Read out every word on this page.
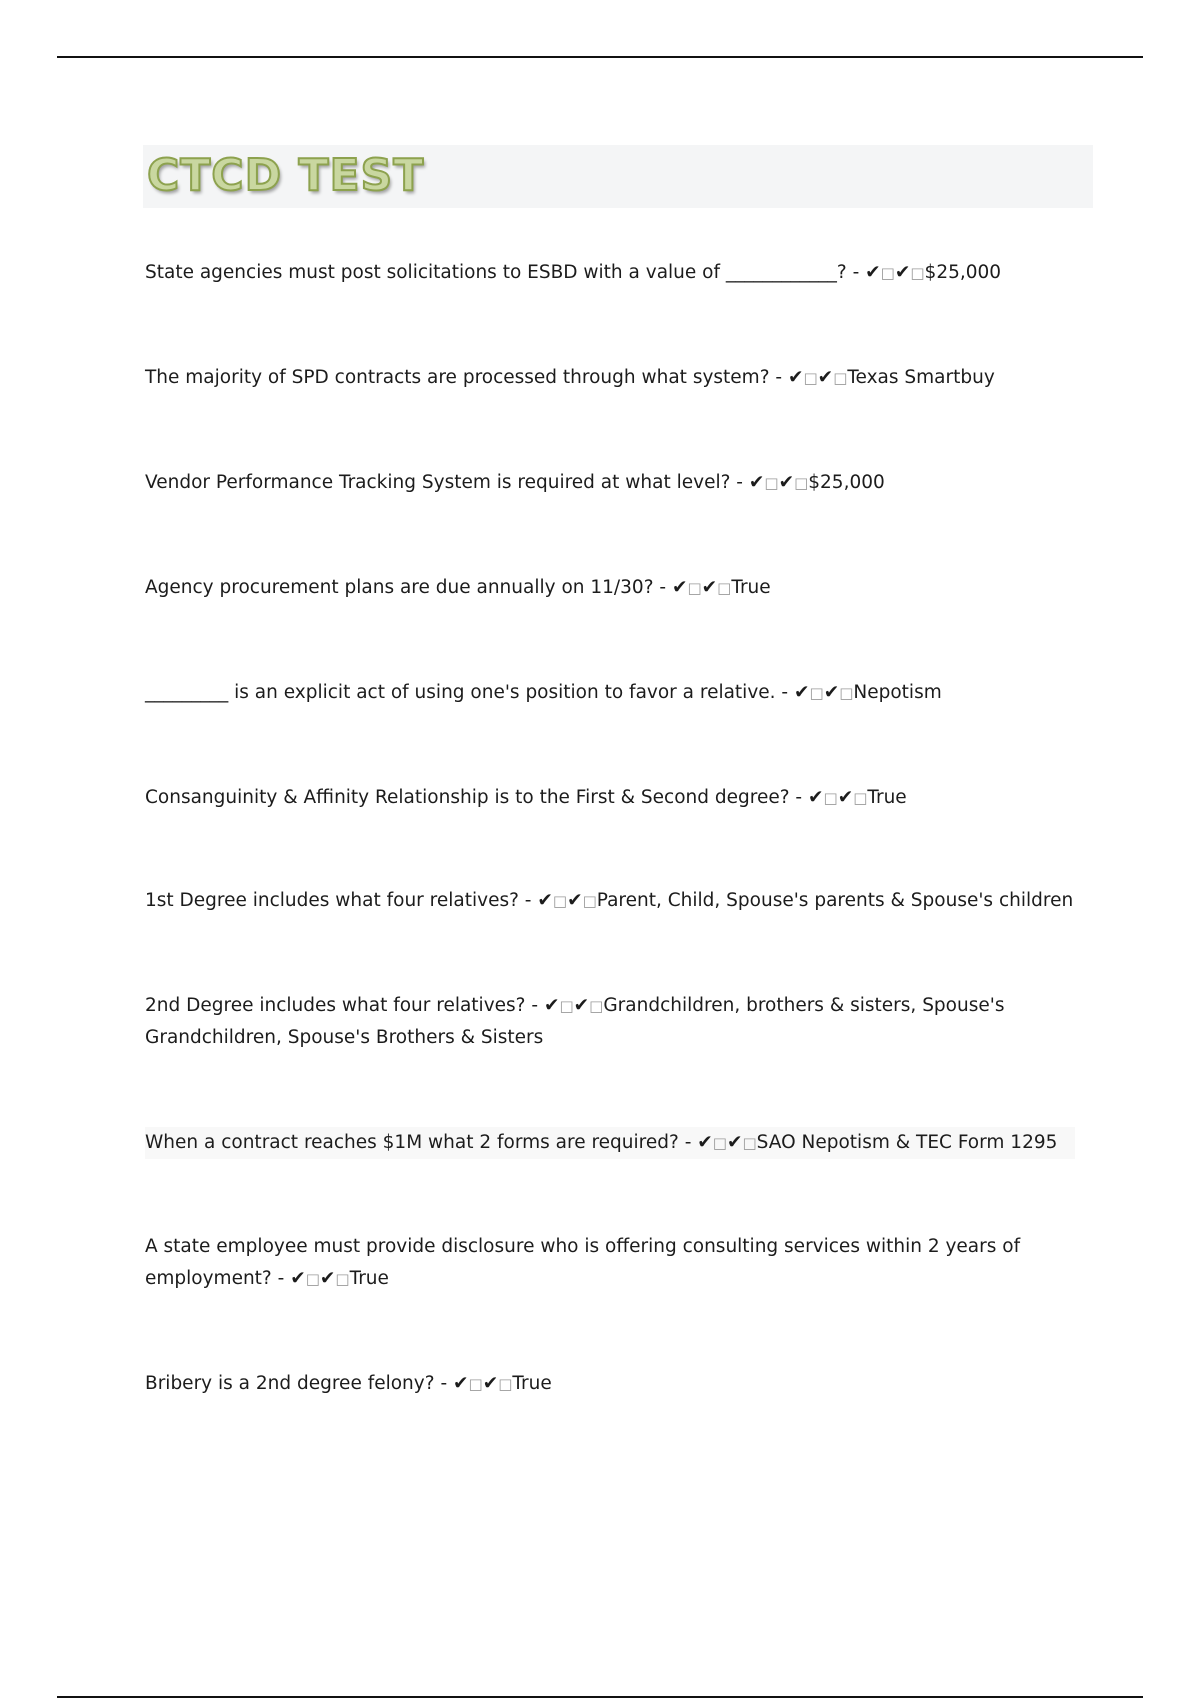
CTCD TEST

State agencies must post solicitations to ESBD with a value of ____________? - ✔□✔□$25,000

The majority of SPD contracts are processed through what system? - ✔□✔□Texas Smartbuy

Vendor Performance Tracking System is required at what level? - ✔□✔□$25,000

Agency procurement plans are due annually on 11/30? - ✔□✔□True

_________ is an explicit act of using one's position to favor a relative. - ✔□✔□Nepotism

Consanguinity & Affinity Relationship is to the First & Second degree? - ✔□✔□True

1st Degree includes what four relatives? - ✔□✔□Parent, Child, Spouse's parents & Spouse's children

2nd Degree includes what four relatives? - ✔□✔□Grandchildren, brothers & sisters, Spouse's Grandchildren, Spouse's Brothers & Sisters

When a contract reaches $1M what 2 forms are required? - ✔□✔□SAO Nepotism & TEC Form 1295

A state employee must provide disclosure who is offering consulting services within 2 years of employment? - ✔□✔□True

Bribery is a 2nd degree felony? - ✔□✔□True
